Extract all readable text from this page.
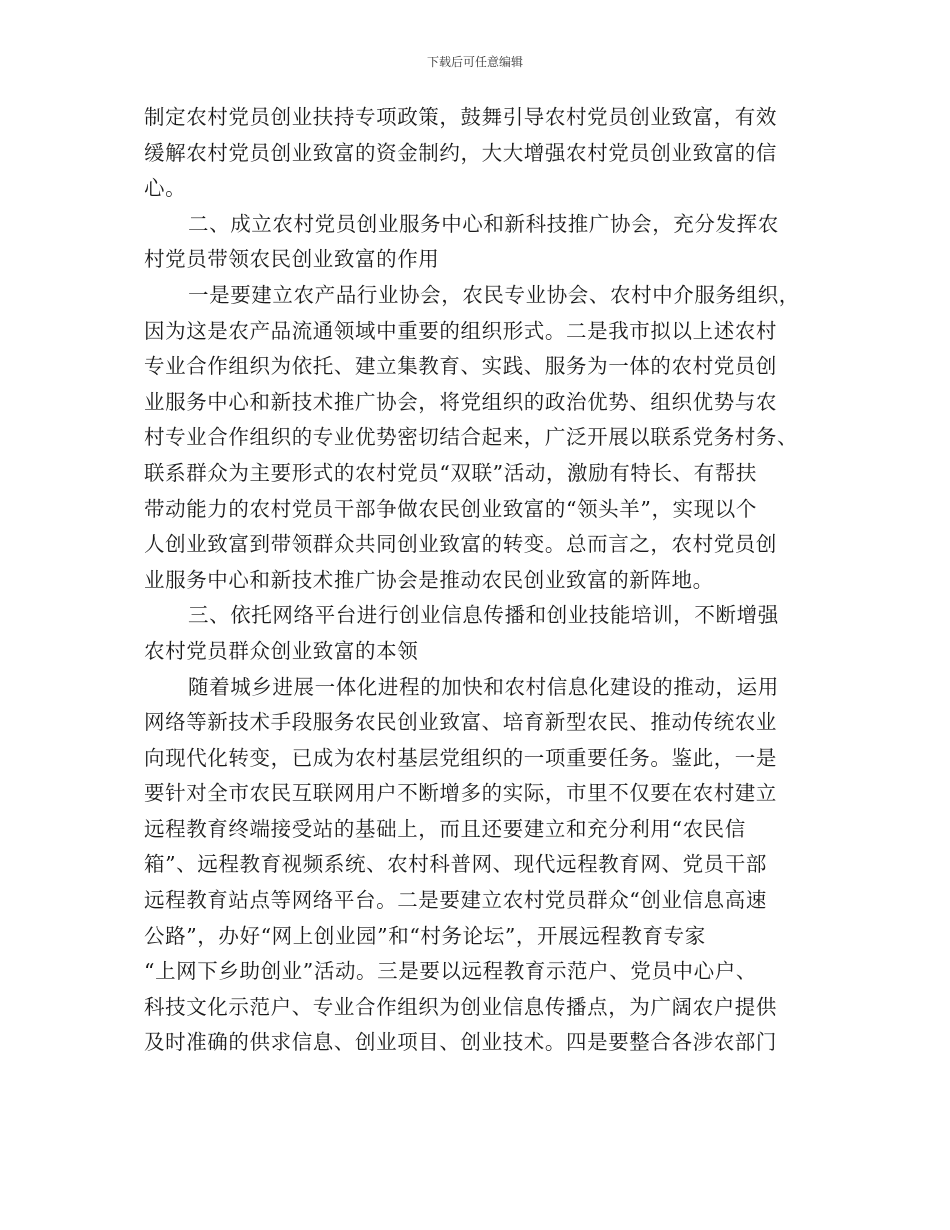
下载后可任意编辑
制定农村党员创业扶持专项政策，鼓舞引导农村党员创业致富，有效
缓解农村党员创业致富的资金制约，大大增强农村党员创业致富的信
心。
二、成立农村党员创业服务中心和新科技推广协会，充分发挥农
村党员带领农民创业致富的作用
一是要建立农产品行业协会，农民专业协会、农村中介服务组织，
因为这是农产品流通领域中重要的组织形式。二是我市拟以上述农村
专业合作组织为依托、建立集教育、实践、服务为一体的农村党员创
业服务中心和新技术推广协会，将党组织的政治优势、组织优势与农
村专业合作组织的专业优势密切结合起来，广泛开展以联系党务村务、
联系群众为主要形式的农村党员“双联”活动，激励有特长、有帮扶
带动能力的农村党员干部争做农民创业致富的“领头羊”，实现以个
人创业致富到带领群众共同创业致富的转变。总而言之，农村党员创
业服务中心和新技术推广协会是推动农民创业致富的新阵地。
三、依托网络平台进行创业信息传播和创业技能培训，不断增强
农村党员群众创业致富的本领
随着城乡进展一体化进程的加快和农村信息化建设的推动，运用
网络等新技术手段服务农民创业致富、培育新型农民、推动传统农业
向现代化转变，已成为农村基层党组织的一项重要任务。鉴此，一是
要针对全市农民互联网用户不断增多的实际，市里不仅要在农村建立
远程教育终端接受站的基础上，而且还要建立和充分利用“农民信
箱”、远程教育视频系统、农村科普网、现代远程教育网、党员干部
远程教育站点等网络平台。二是要建立农村党员群众“创业信息高速
公路”，办好“网上创业园”和“村务论坛”，开展远程教育专家
“上网下乡助创业”活动。三是要以远程教育示范户、党员中心户、
科技文化示范户、专业合作组织为创业信息传播点，为广阔农户提供
及时准确的供求信息、创业项目、创业技术。四是要整合各涉农部门
